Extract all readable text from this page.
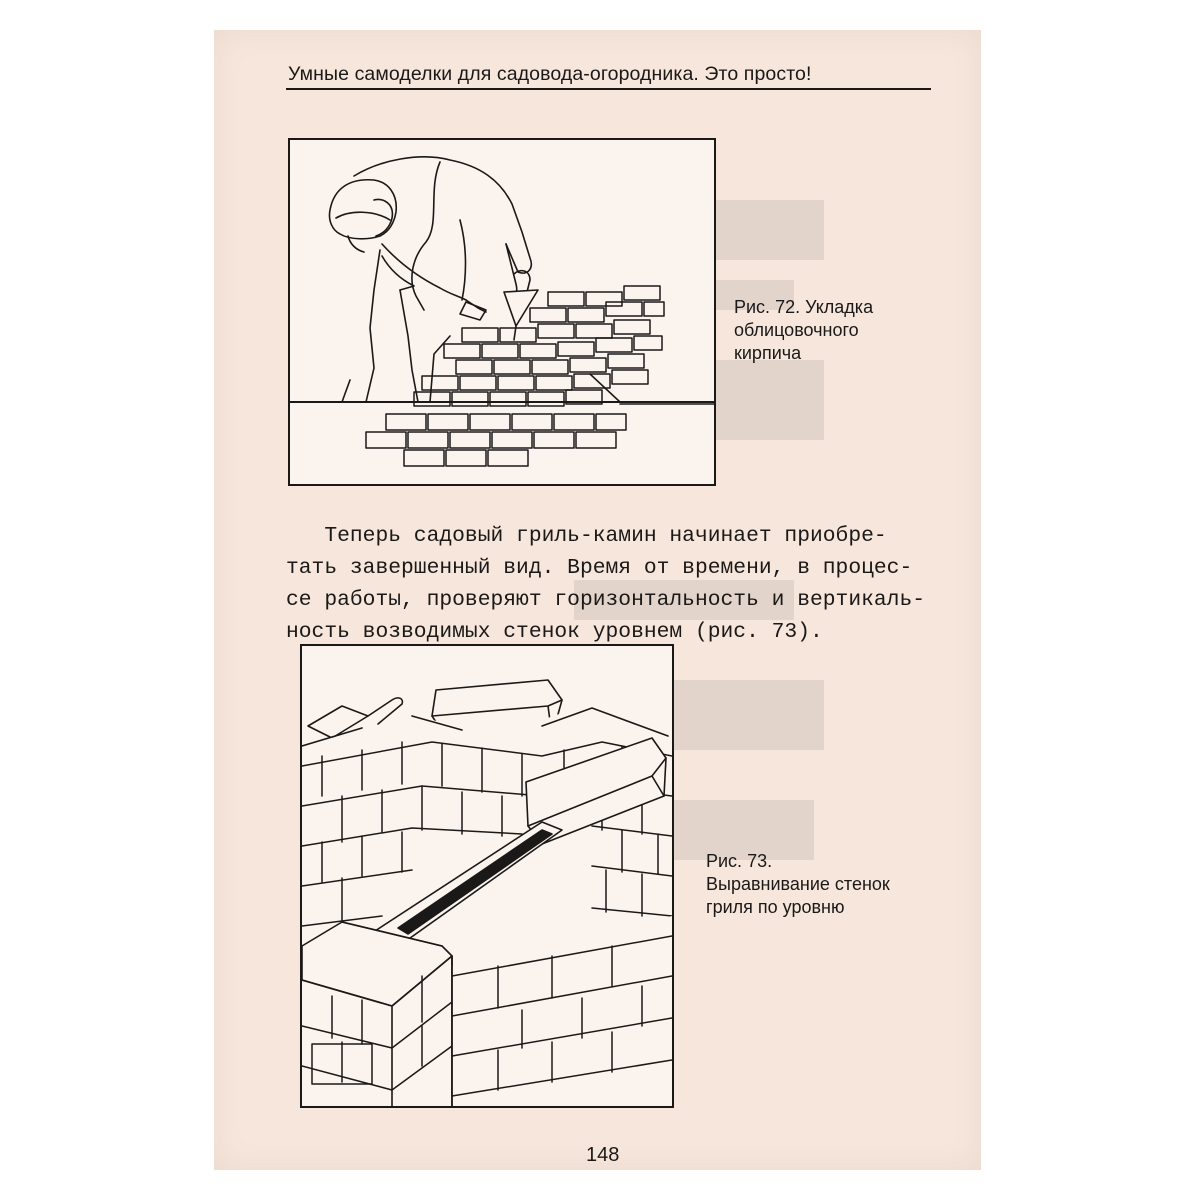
Умные самоделки для садовода-огородника. Это просто!
Рис. 72. Укладка
облицовочного
кирпича
Теперь садовый гриль-камин начинает приобре-
тать завершенный вид. Время от времени, в процес-
се работы, проверяют горизонтальность и вертикаль-
ность возводимых стенок уровнем (рис. 73).
Рис. 73.
Выравнивание стенок
гриля по уровню
148
